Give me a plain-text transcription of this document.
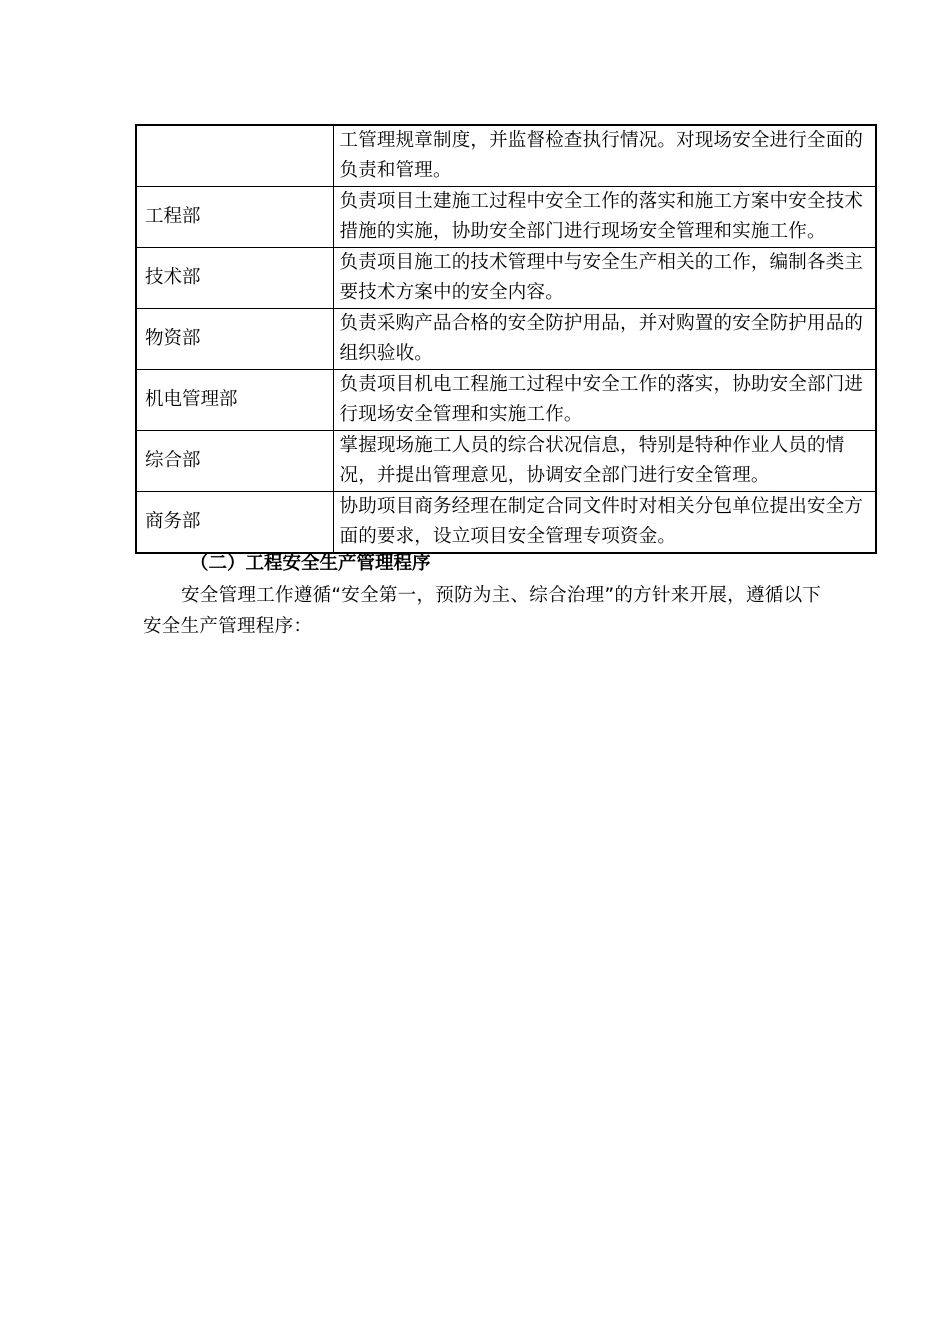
	工管理规章制度，并监督检查执行情况。对现场安全进行全面的负责和管理。
工程部	负责项目土建施工过程中安全工作的落实和施工方案中安全技术措施的实施，协助安全部门进行现场安全管理和实施工作。
技术部	负责项目施工的技术管理中与安全生产相关的工作，编制各类主要技术方案中的安全内容。
物资部	负责采购产品合格的安全防护用品，并对购置的安全防护用品的组织验收。
机电管理部	负责项目机电工程施工过程中安全工作的落实，协助安全部门进行现场安全管理和实施工作。
综合部	掌握现场施工人员的综合状况信息，特别是特种作业人员的情况，并提出管理意见，协调安全部门进行安全管理。
商务部	协助项目商务经理在制定合同文件时对相关分包单位提出安全方面的要求，设立项目安全管理专项资金。
（二）工程安全生产管理程序

安全管理工作遵循“安全第一，预防为主、综合治理”的方针来开展，遵循以下安全生产管理程序：
